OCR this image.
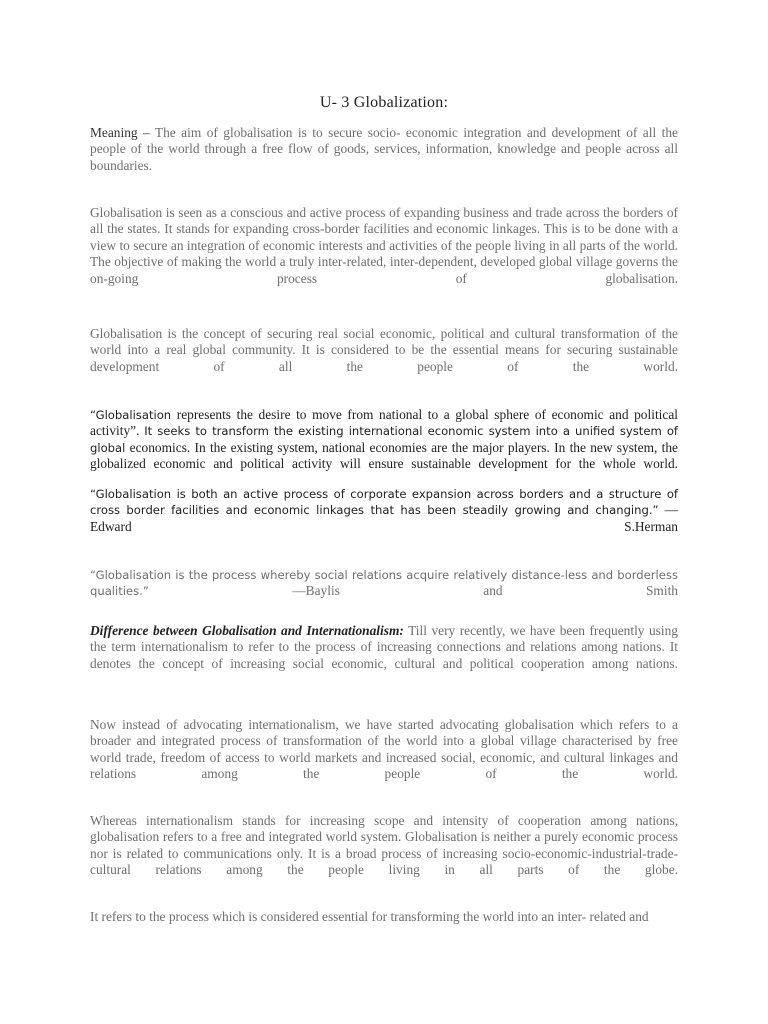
U- 3 Globalization:

Meaning – The aim of globalisation is to secure socio- economic integration and development of all the people of the world through a free flow of goods, services, information, knowledge and people across all boundaries.

Globalisation is seen as a conscious and active process of expanding business and trade across the borders of all the states. It stands for expanding cross-border facilities and economic linkages. This is to be done with a view to secure an integration of economic interests and activities of the people living in all parts of the world. The objective of making the world a truly inter-related, inter-dependent, developed global village governs the on-going process of globalisation.

Globalisation is the concept of securing real social economic, political and cultural transformation of the world into a real global community. It is considered to be the essential means for securing sustainable development of all the people of the world.

“Globalisation represents the desire to move from national to a global sphere of economic and political activity”. It seeks to transform the existing international economic system into a unified system of global economics. In the existing system, national economies are the major players. In the new system, the globalized economic and political activity will ensure sustainable development for the whole world.

“Globalisation is both an active process of corporate expansion across borders and a structure of cross border facilities and economic linkages that has been steadily growing and changing.” — Edward S.Herman

“Globalisation is the process whereby social relations acquire relatively distance-less and borderless qualities.” —Baylis and Smith

Difference between Globalisation and Internationalism: Till very recently, we have been frequently using the term internationalism to refer to the process of increasing connections and relations among nations. It denotes the concept of increasing social economic, cultural and political cooperation among nations.

Now instead of advocating internationalism, we have started advocating globalisation which refers to a broader and integrated process of transformation of the world into a global village characterised by free world trade, freedom of access to world markets and increased social, economic, and cultural linkages and relations among the people of the world.

Whereas internationalism stands for increasing scope and intensity of cooperation among nations, globalisation refers to a free and integrated world system. Globalisation is neither a purely economic process nor is related to communications only. It is a broad process of increasing socio-economic-industrial-trade-cultural relations among the people living in all parts of the globe.

It refers to the process which is considered essential for transforming the world into an inter- related and
